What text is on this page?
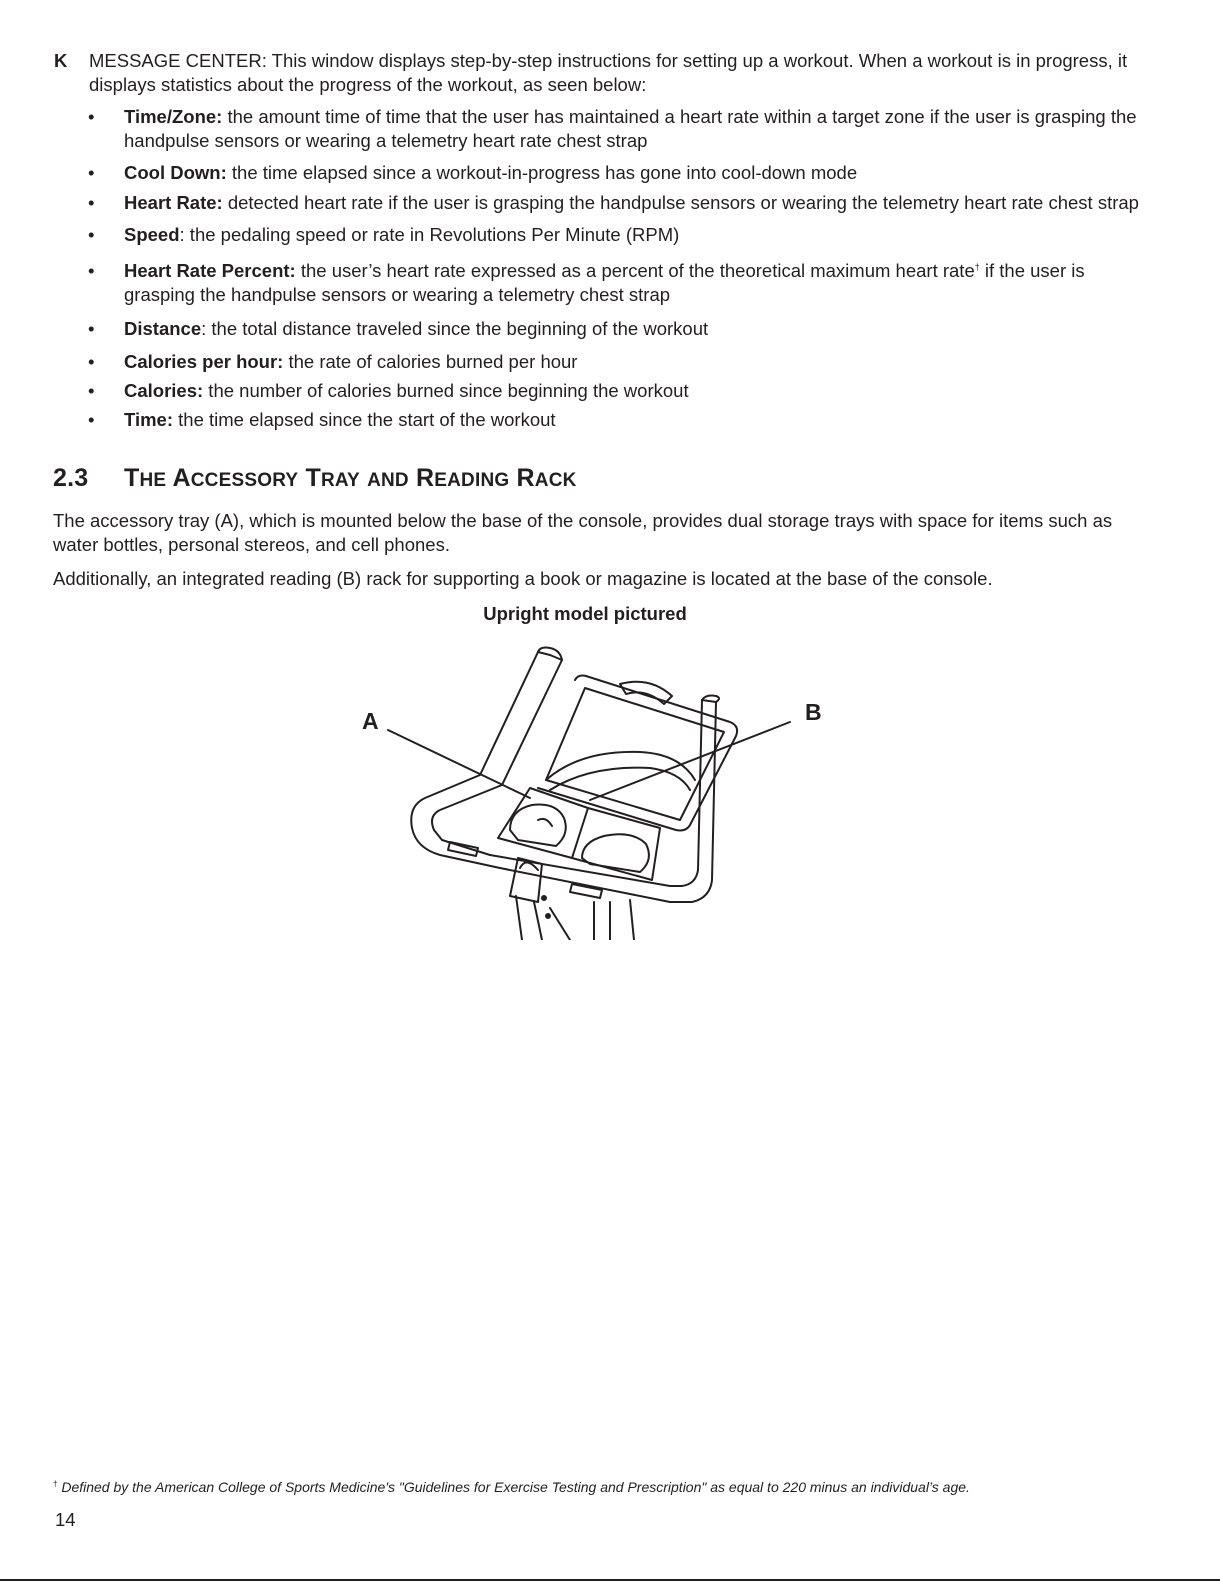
K MESSAGE CENTER: This window displays step-by-step instructions for setting up a workout. When a workout is in progress, it displays statistics about the progress of the workout, as seen below:
• Time/Zone: the amount time of time that the user has maintained a heart rate within a target zone if the user is grasping the handpulse sensors or wearing a telemetry heart rate chest strap
• Cool Down: the time elapsed since a workout-in-progress has gone into cool-down mode
• Heart Rate: detected heart rate if the user is grasping the handpulse sensors or wearing the telemetry heart rate chest strap
• Speed: the pedaling speed or rate in Revolutions Per Minute (RPM)
• Heart Rate Percent: the user’s heart rate expressed as a percent of the theoretical maximum heart rate† if the user is grasping the handpulse sensors or wearing a telemetry chest strap
• Distance: the total distance traveled since the beginning of the workout
• Calories per hour: the rate of calories burned per hour
• Calories: the number of calories burned since beginning the workout
• Time: the time elapsed since the start of the workout
2.3 THE ACCESSORY TRAY AND READING RACK

The accessory tray (A), which is mounted below the base of the console, provides dual storage trays with space for items such as water bottles, personal stereos, and cell phones.

Additionally, an integrated reading (B) rack for supporting a book or magazine is located at the base of the console.

Upright model pictured

A	B

† Defined by the American College of Sports Medicine's "Guidelines for Exercise Testing and Prescription" as equal to 220 minus an individual’s age.

14
